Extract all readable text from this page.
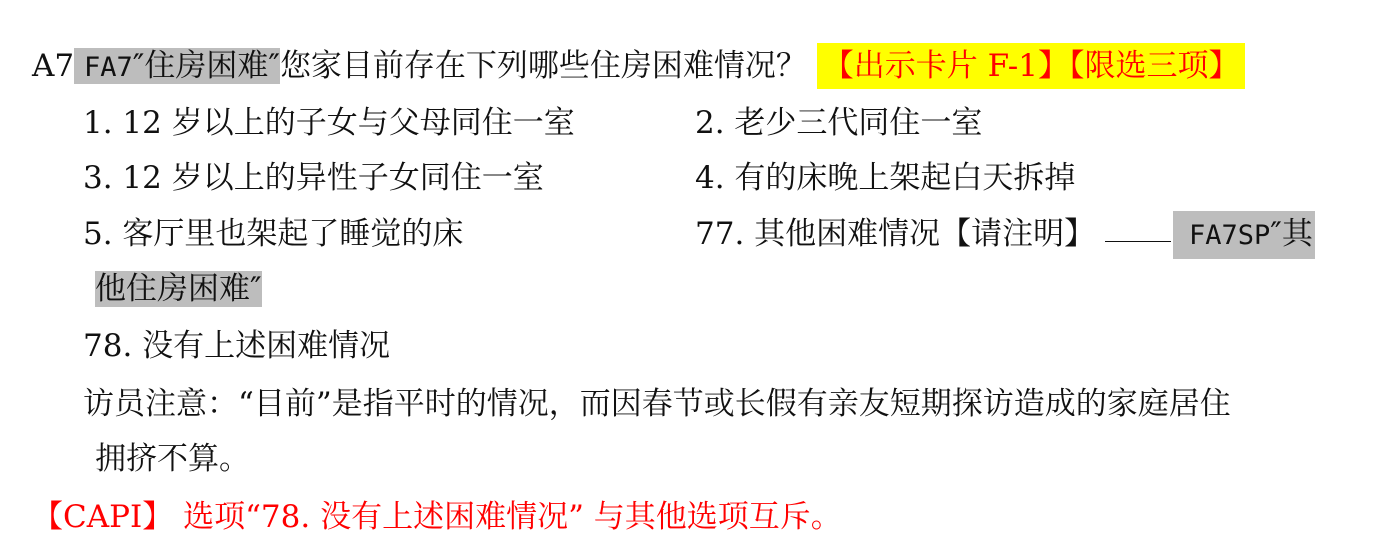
A7 FA7″住房困难″您家目前存在下列哪些住房困难情况？ 【出示卡片 F-1】【限选三项】
1. 12 岁以上的子女与父母同住一室	2. 老少三代同住一室
3. 12 岁以上的异性子女同住一室	4. 有的床晚上架起白天拆掉
5. 客厅里也架起了睡觉的床	77. 其他困难情况【请注明】	FA7SP″其
他住房困难″
78. 没有上述困难情况
访员注意：“目前”是指平时的情况，而因春节或长假有亲友短期探访造成的家庭居住
拥挤不算。
【CAPI】 选项“78. 没有上述困难情况” 与其他选项互斥。
